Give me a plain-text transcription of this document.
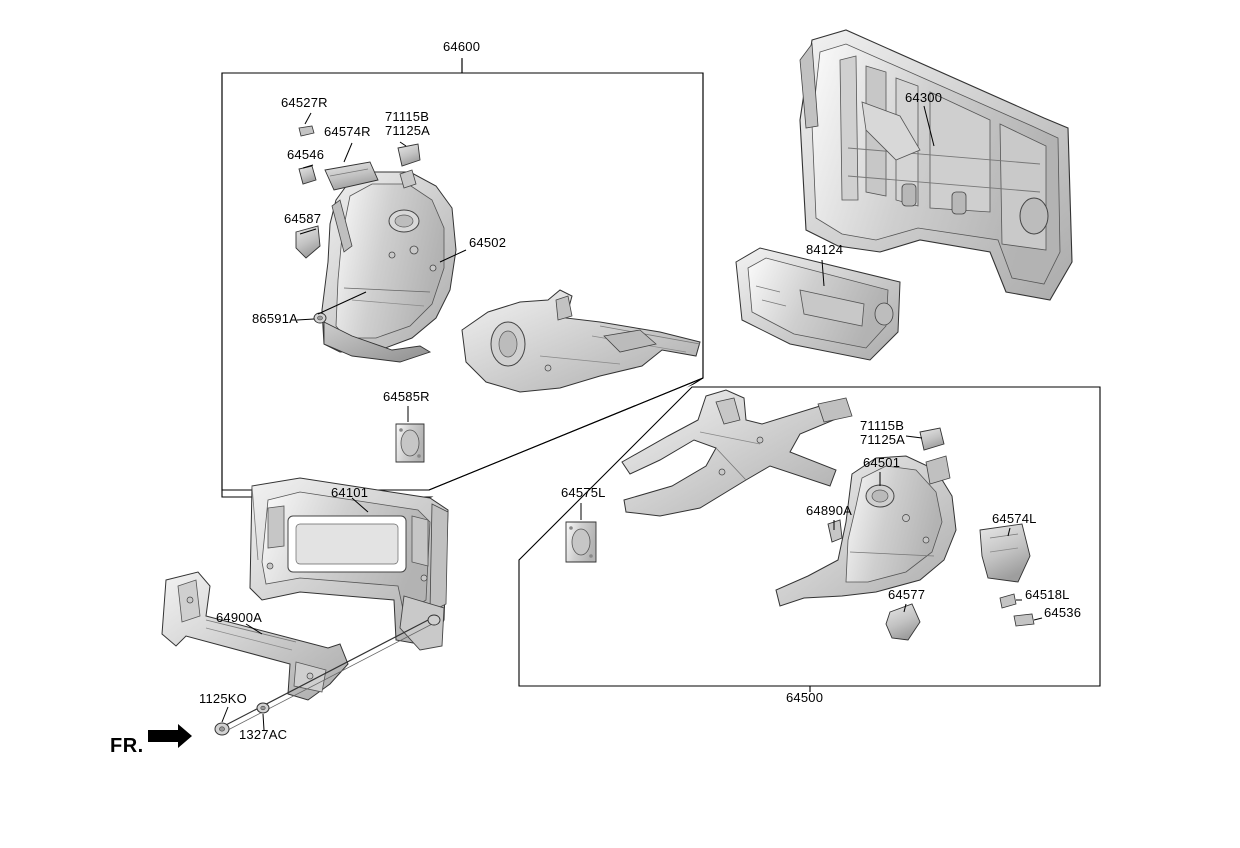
64600
64527R
71115B
64574R 71125A
64546
64587
64502
86591A
64585R
64300
84124
71115B
71125A
64501
64575L
64890A
64574L
64101
64900A
64577	64518L
64536
1125KO
1327AC
64500
FR.
